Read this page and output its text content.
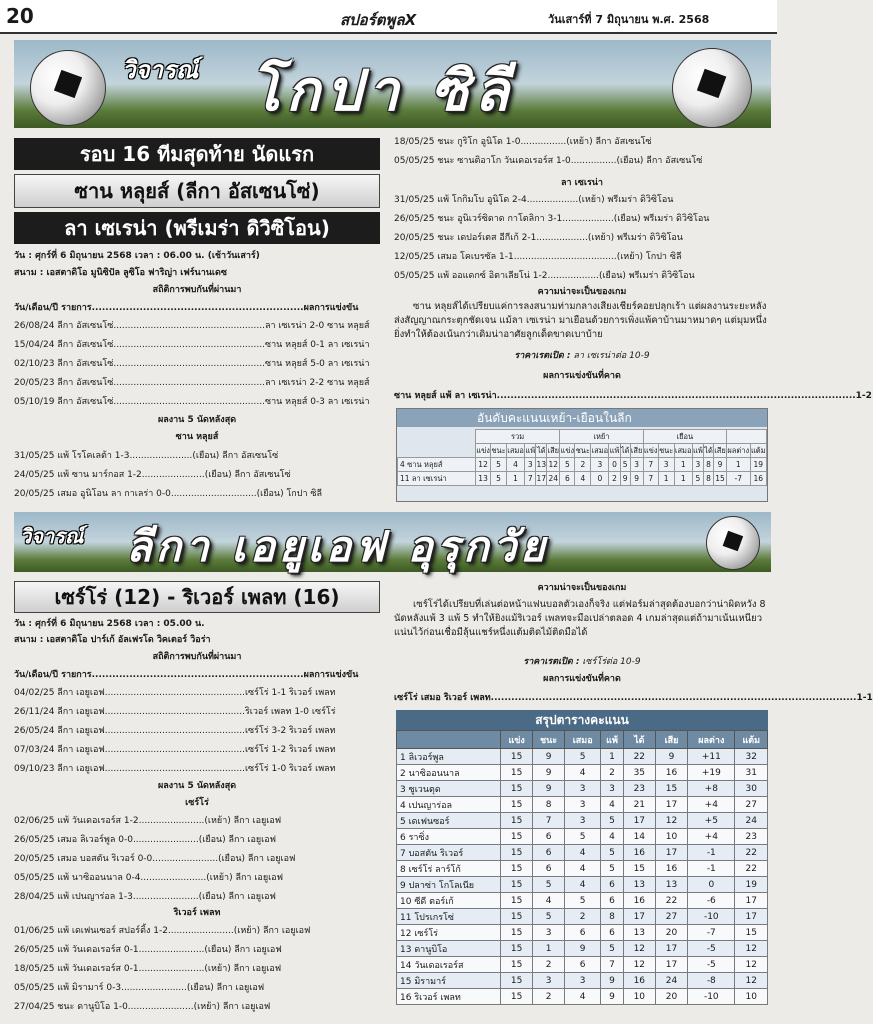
20	สปอร์ตพูลX	วันเสาร์ที่ 7 มิถุนายน พ.ศ. 2568
วิจารณ์ โกปา ซิลี
รอบ 16 ทีมสุดท้าย นัดแรก
ซาน หลุยส์ (ลีกา อัสเซนโซ่)
ลา เซเรน่า (พรีเมร่า ดิวิซิโอน)
วัน : ศุกร์ที่ 6 มิถุนายน 2568 เวลา : 06.00 น. (เช้าวันเสาร์)
สนาม : เอสตาดิโอ มูนิซิปัล ลูซิโอ ฟาริญ่า เฟร์นานเดซ
สถิติการพบกันที่ผ่านมา
วัน/เดือน/ปี รายการ..............................................................ผลการแข่งขัน
26/08/24 ลีกา อัสเซนโซ่.....................................................ลา เซเรน่า 2-0 ซาน หลุยส์
15/04/24 ลีกา อัสเซนโซ่.....................................................ซาน หลุยส์ 0-1 ลา เซเรน่า
02/10/23 ลีกา อัสเซนโซ่.....................................................ซาน หลุยส์ 5-0 ลา เซเรน่า
20/05/23 ลีกา อัสเซนโซ่.....................................................ลา เซเรน่า 2-2 ซาน หลุยส์
05/10/19 ลีกา อัสเซนโซ่.....................................................ซาน หลุยส์ 0-3 ลา เซเรน่า
ผลงาน 5 นัดหลังสุด
ซาน หลุยส์
31/05/25 แพ้ โรโคเลต้า 1-3......................(เยือน) ลีกา อัสเซนโซ่
24/05/25 แพ้ ซาน มาร์กอส 1-2......................(เยือน) ลีกา อัสเซนโซ่
20/05/25 เสมอ อูนิโอน ลา กาเลร่า 0-0..............................(เยือน) โกปา ซิลี
18/05/25 ชนะ กูริโก อูนิโด 1-0................(เหย้า) ลีกา อัสเซนโซ่
05/05/25 ชนะ ซานติอาโก วันเดอเรอร์ส 1-0................(เยือน) ลีกา อัสเซนโซ่
ลา เซเรน่า
31/05/25 แพ้ โกกิมโบ อูนิโด 2-4..................(เหย้า) พรีเมร่า ดิวิซิโอน
26/05/25 ชนะ อูนิเวร์ซิดาด กาโตลิกา 3-1..................(เยือน) พรีเมร่า ดิวิซิโอน
20/05/25 ชนะ เดปอร์เตส อีกีเก้ 2-1..................(เหย้า) พรีเมร่า ดิวิซิโอน
12/05/25 เสมอ โคเบรซัล 1-1....................................(เหย้า) โกปา ซิลี
05/05/25 แพ้ ออแดกซ์ อิตาเลียโน่ 1-2..................(เยือน) พรีเมร่า ดิวิซิโอน
ความน่าจะเป็นของเกม
ซาน หลุยส์ได้เปรียบแค่การลงสนามท่ามกลางเสียงเชียร์คอยปลุกเร้า แต่ผลงานระยะหลังส่งสัญญาณกระตุกชัดเจน แม้ลา เซเรน่า มาเยือนด้วยการเพิ่งแพ้คาบ้านมาหมาดๆ แต่มุมหนึ่งยิ่งทำให้ต้องเน้นกว่าเดิมน่าอาศัยลูกเด็ดขาดเบาบ้าย
ราคาเรตเปิด : ลา เซเรน่าต่อ 10-9
ผลการแข่งขันที่คาด
ซาน หลุยส์ แพ้ ลา เซเรน่า.........................................................................................................1-2
อันดับคะแนนเหย้า-เยือนในลีก
	รวม						เหย้า						เยือน							
	แข่ง	ชนะ	เสมอ	แพ้	ได้	เสีย	แข่ง	ชนะ	เสมอ	แพ้	ได้	เสีย	แข่ง	ชนะ	เสมอ	แพ้	ได้	เสีย	ผลต่าง	แต้ม
4 ซาน หลุยส์	12	5	4	3	13	12	5	2	3	0	5	3	7	3	1	3	8	9	1	19
11 ลา เซเรน่า	13	5	1	7	17	24	6	4	0	2	9	9	7	1	1	5	8	15	-7	16
วิจารณ์ ลีกา เอยูเอฟ อุรุกวัย
เซร์โร่ (12) - ริเวอร์ เพลท (16)
วัน : ศุกร์ที่ 6 มิถุนายน 2568 เวลา : 05.00 น.
สนาม : เอสตาดิโอ ปาร์เก้ อัลเฟรโด วิคเตอร์ วิอร่า
สถิติการพบกันที่ผ่านมา
วัน/เดือน/ปี รายการ..............................................................ผลการแข่งขัน
04/02/25 ลีกา เอยูเอฟ.................................................เซร์โร่ 1-1 ริเวอร์ เพลท
26/11/24 ลีกา เอยูเอฟ.................................................ริเวอร์ เพลท 1-0 เซร์โร่
26/05/24 ลีกา เอยูเอฟ.................................................เซร์โร่ 3-2 ริเวอร์ เพลท
07/03/24 ลีกา เอยูเอฟ.................................................เซร์โร่ 1-2 ริเวอร์ เพลท
09/10/23 ลีกา เอยูเอฟ.................................................เซร์โร่ 1-0 ริเวอร์ เพลท
ผลงาน 5 นัดหลังสุด
เซร์โร่
02/06/25 แพ้ วันเดอเรอร์ส 1-2.......................(เหย้า) ลีกา เอยูเอฟ
26/05/25 เสมอ ลิเวอร์พูล 0-0.......................(เยือน) ลีกา เอยูเอฟ
20/05/25 เสมอ บอสตัน ริเวอร์ 0-0.......................(เยือน) ลีกา เอยูเอฟ
05/05/25 แพ้ นาซิออนนาล 0-4.......................(เหย้า) ลีกา เอยูเอฟ
28/04/25 แพ้ เปนญาร่อล 1-3.......................(เยือน) ลีกา เอยูเอฟ
ริเวอร์ เพลท
01/06/25 แพ้ เดเฟนเซอร์ สปอร์ติ้ง 1-2.......................(เหย้า) ลีกา เอยูเอฟ
26/05/25 แพ้ วันเดอเรอร์ส 0-1.......................(เยือน) ลีกา เอยูเอฟ
18/05/25 แพ้ วันเดอเรอร์ส 0-1.......................(เหย้า) ลีกา เอยูเอฟ
05/05/25 แพ้ มิรามาร์ 0-3.......................(เยือน) ลีกา เอยูเอฟ
27/04/25 ชนะ ดานูบิโอ 1-0.......................(เหย้า) ลีกา เอยูเอฟ
ความน่าจะเป็นของเกม
เซร์โร่ได้เปรียบที่เล่นต่อหน้าแฟนบอลตัวเองก็จริง แต่ฟอร์มล่าสุดต้องบอกว่าน่าผิดหวัง 8 นัดหลังแพ้ 3 แพ้ 5 ทำให้ยิงแม้ริเวอร์ เพลทจะมือเปล่าตลอด 4 เกมล่าสุดแต่ถ้ามาเน้นเหนียวแน่นไว้ก่อนเชื่อมีลุ้นแชร์หนึ่งแต้มติดไม้ติดมือได้
ราคาเรตเปิด : เซร์โร่ต่อ 10-9
ผลการแข่งขันที่คาด
เซร์โร่ เสมอ ริเวอร์ เพลท...........................................................................................................1-1
สรุปตารางคะแนน
	แข่ง	ชนะ	เสมอ	แพ้	ได้	เสีย	ผลต่าง	แต้ม
1 ลิเวอร์พูล	15	9	5	1	22	9	+11	32
2 นาซิออนนาล	15	9	4	2	35	16	+19	31
3 ซูเวนตุด	15	9	3	3	23	15	+8	30
4 เปนญาร่อล	15	8	3	4	21	17	+4	27
5 เดเฟนซอร์	15	7	3	5	17	12	+5	24
6 ราซิ่ง	15	6	5	4	14	10	+4	23
7 บอสตัน ริเวอร์	15	6	4	5	16	17	-1	22
8 เซร์โร่ ลาร์โก้	15	6	4	5	15	16	-1	22
9 ปลาซ่า โกโลเนีย	15	5	4	6	13	13	0	19
10 ซีดี ตอร์เก้	15	4	5	6	16	22	-6	17
11 โปรเกรโซ่	15	5	2	8	17	27	-10	17
12 เซร์โร่	15	3	6	6	13	20	-7	15
13 ดานูบิโอ	15	1	9	5	12	17	-5	12
14 วันเดอเรอร์ส	15	2	6	7	12	17	-5	12
15 มิรามาร์	15	3	3	9	16	24	-8	12
16 ริเวอร์ เพลท	15	2	4	9	10	20	-10	10
